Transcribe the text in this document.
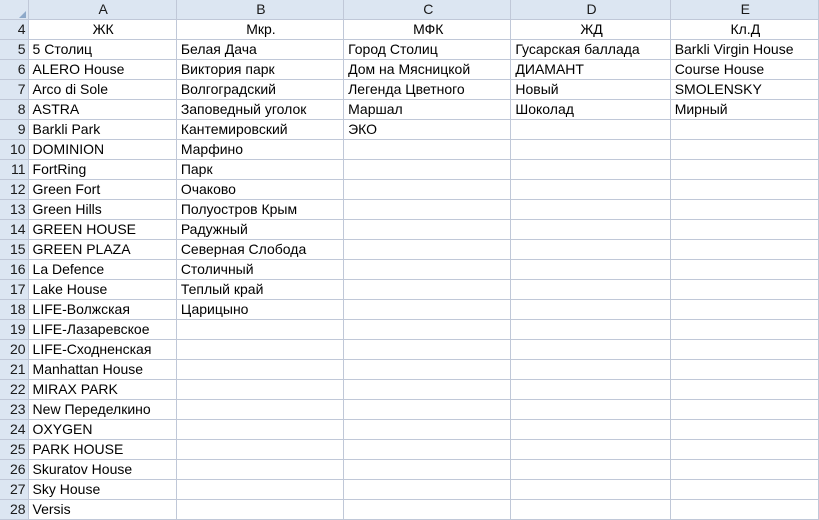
	A	B	C	D	E
4	ЖК	Мкр.	МФК	ЖД	Кл.Д
5	5 Столиц	Белая Дача	Город Столиц	Гусарская баллада	Barkli Virgin House
6	ALERO House	Виктория парк	Дом на Мясницкой	ДИАМАНТ	Course House
7	Arco di Sole	Волгоградский	Легенда Цветного	Новый	SMOLENSKY
8	ASTRA	Заповедный уголок	Маршал	Шоколад	Мирный
9	Barkli Park	Кантемировский	ЭКО		
10	DOMINION	Марфино			
11	FortRing	Парк			
12	Green Fort	Очаково			
13	Green Hills	Полуостров Крым			
14	GREEN HOUSE	Радужный			
15	GREEN PLAZA	Северная Слобода			
16	La Defence	Столичный			
17	Lake House	Теплый край			
18	LIFE-Волжская	Царицыно			
19	LIFE-Лазаревское				
20	LIFE-Сходненская				
21	Manhattan House				
22	MIRAX PARK				
23	New Переделкино				
24	OXYGEN				
25	PARK HOUSE				
26	Skuratov House				
27	Sky House				
28	Versis				
